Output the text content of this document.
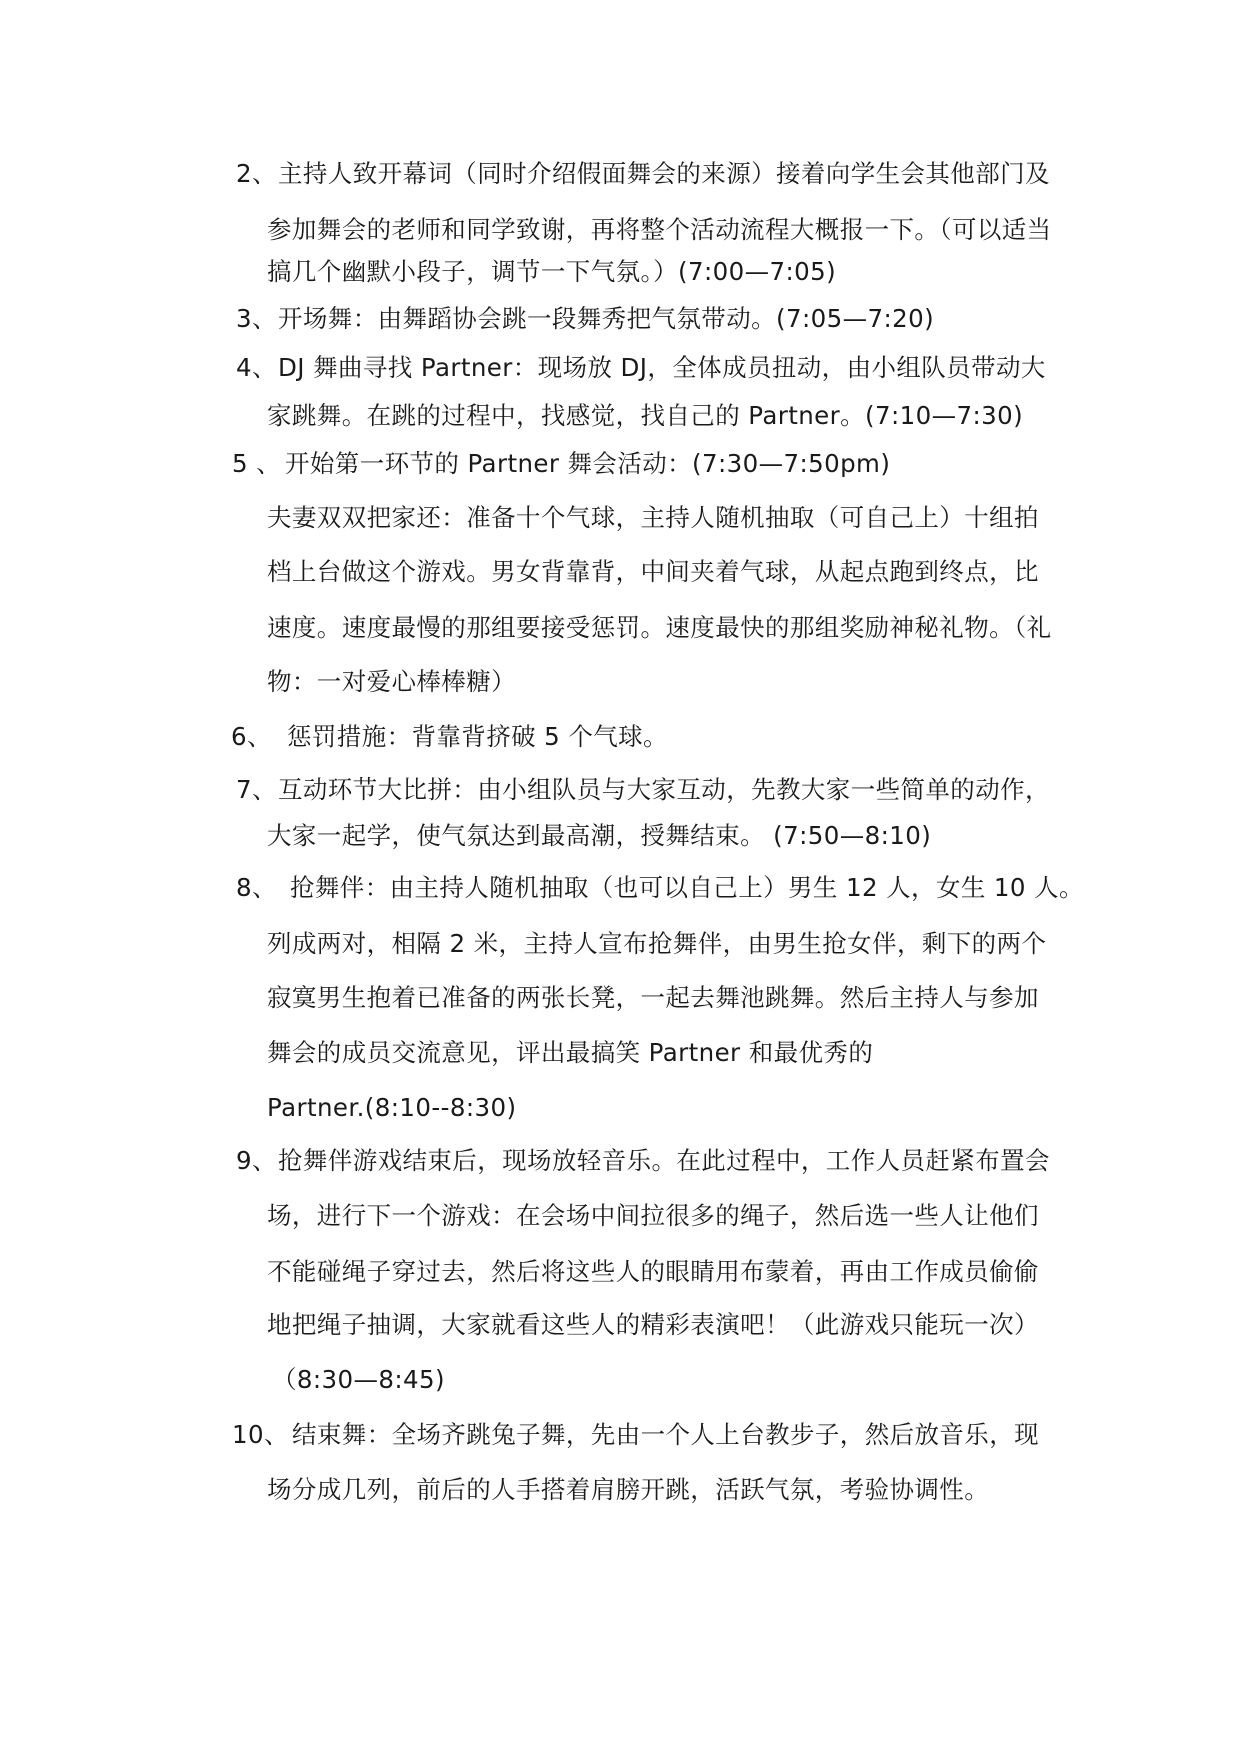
2、 主持人致开幕词（同时介绍假面舞会的来源）接着向学生会其他部门及
参加舞会的老师和同学致谢，再将整个活动流程大概报一下。（可以适当
搞几个幽默小段子，调节一下气氛。）(7:00—7:05)
3、 开场舞：由舞蹈协会跳一段舞秀把气氛带动。(7:05—7:20)
4、 DJ 舞曲寻找 Partner：现场放 DJ，全体成员扭动，由小组队员带动大
家跳舞。在跳的过程中，找感觉，找自己的 Partner。(7:10—7:30)
5 、 开始第一环节的 Partner 舞会活动：(7:30—7:50pm)
夫妻双双把家还：准备十个气球，主持人随机抽取（可自己上）十组拍
档上台做这个游戏。男女背靠背，中间夹着气球，从起点跑到终点，比
速度。速度最慢的那组要接受惩罚。速度最快的那组奖励神秘礼物。（礼
物：一对爱心棒棒糖）
6、 惩罚措施：背靠背挤破 5 个气球。
7、 互动环节大比拼：由小组队员与大家互动，先教大家一些简单的动作，
大家一起学，使气氛达到最高潮，授舞结束。 (7:50—8:10)
8、 抢舞伴：由主持人随机抽取（也可以自己上）男生 12 人，女生 10 人。
列成两对，相隔 2 米，主持人宣布抢舞伴，由男生抢女伴，剩下的两个
寂寞男生抱着已准备的两张长凳，一起去舞池跳舞。然后主持人与参加
舞会的成员交流意见，评出最搞笑 Partner 和最优秀的
Partner.(8:10--8:30)
9、 抢舞伴游戏结束后，现场放轻音乐。在此过程中，工作人员赶紧布置会
场，进行下一个游戏：在会场中间拉很多的绳子，然后选一些人让他们
不能碰绳子穿过去，然后将这些人的眼睛用布蒙着，再由工作成员偷偷
地把绳子抽调，大家就看这些人的精彩表演吧！（此游戏只能玩一次）
（8:30—8:45)
10、 结束舞：全场齐跳兔子舞，先由一个人上台教步子，然后放音乐，现
场分成几列，前后的人手搭着肩膀开跳，活跃气氛，考验协调性。
